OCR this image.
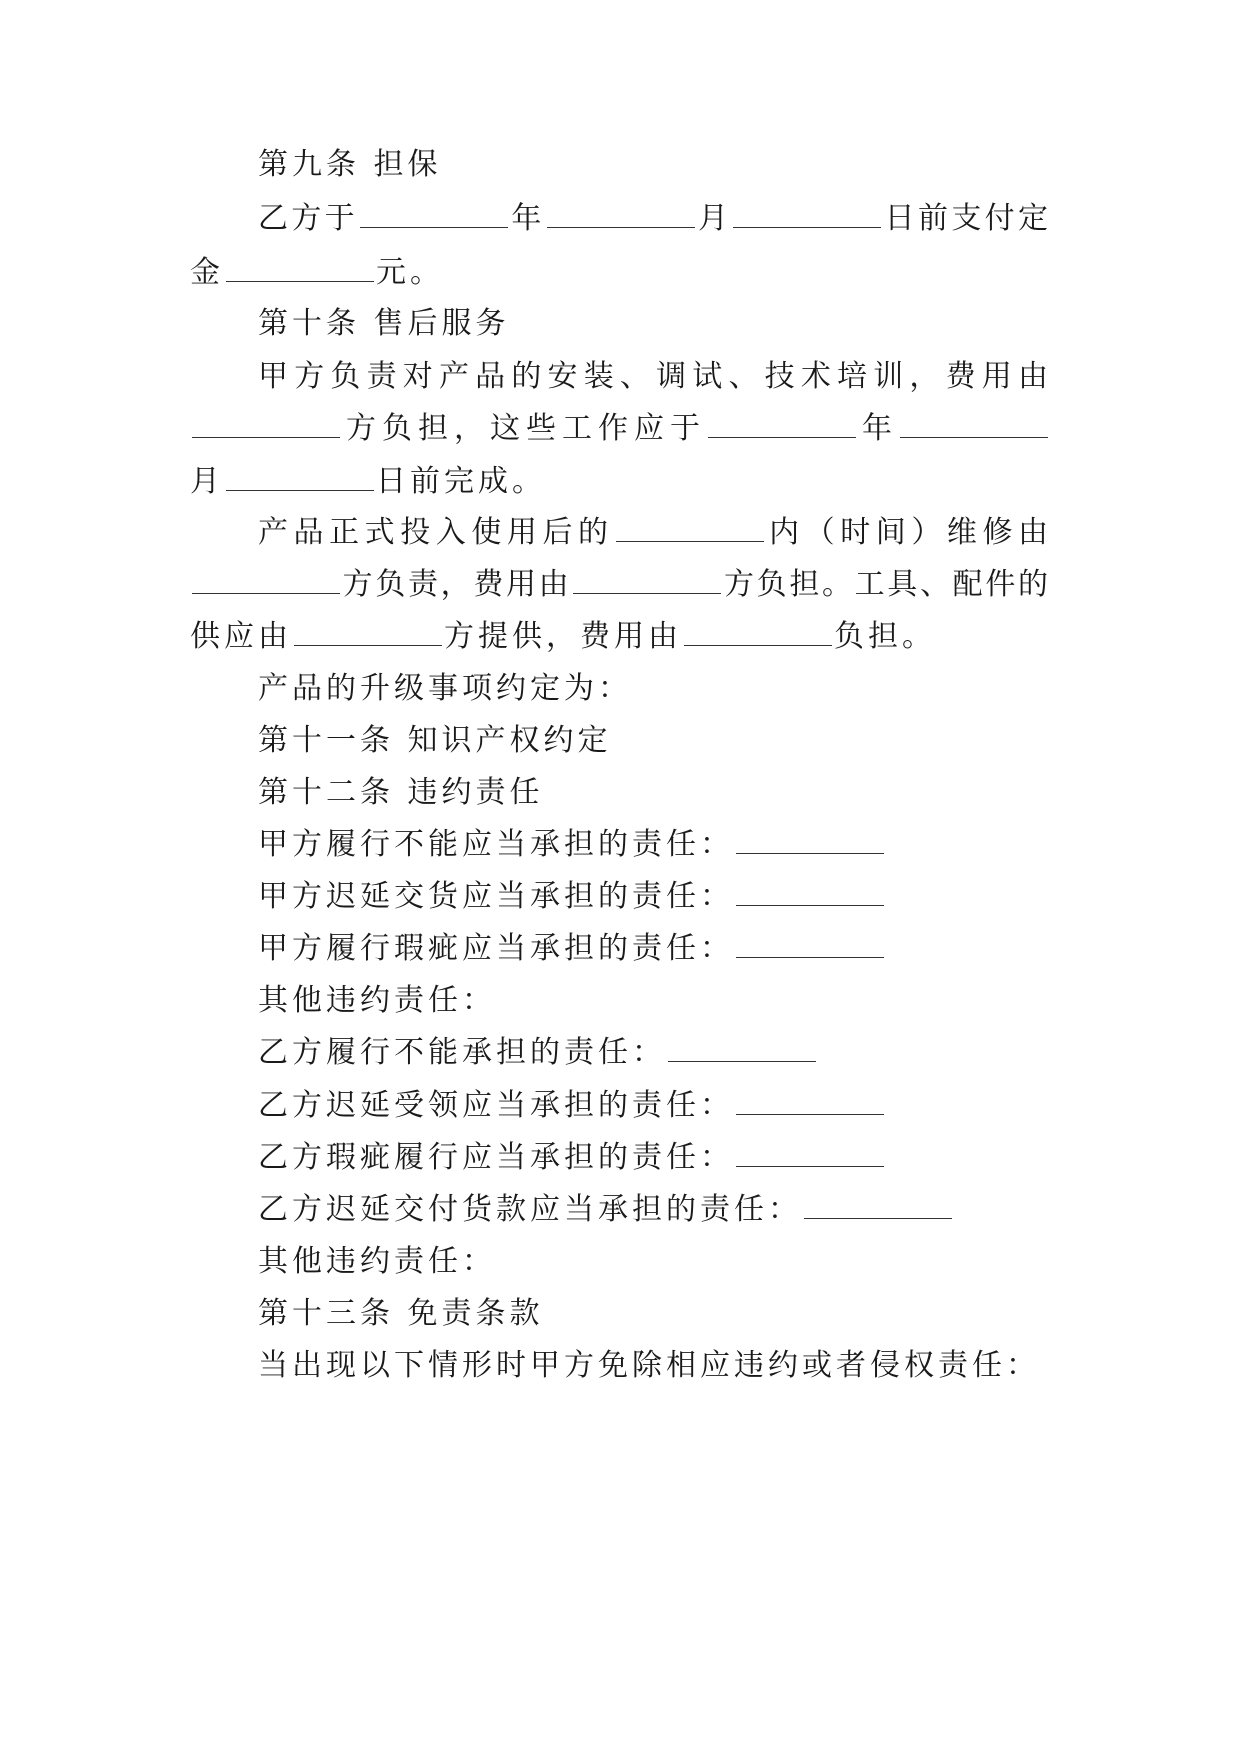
第九条 担保
乙方于	年	月	日前支付定
金	元。
第十条 售后服务
甲方负责对产品的安装、调试、技术培训，费用由
方负担，这些工作应于	年
月	日前完成。
产品正式投入使用后的	内（时间）维修由
方负责，费用由	方负担。工具、配件的
供应由	方提供，费用由	负担。
产品的升级事项约定为：
第十一条 知识产权约定
第十二条 违约责任
甲方履行不能应当承担的责任：
甲方迟延交货应当承担的责任：
甲方履行瑕疵应当承担的责任：
其他违约责任：
乙方履行不能承担的责任：
乙方迟延受领应当承担的责任：
乙方瑕疵履行应当承担的责任：
乙方迟延交付货款应当承担的责任：
其他违约责任：
第十三条 免责条款
当出现以下情形时甲方免除相应违约或者侵权责任：
